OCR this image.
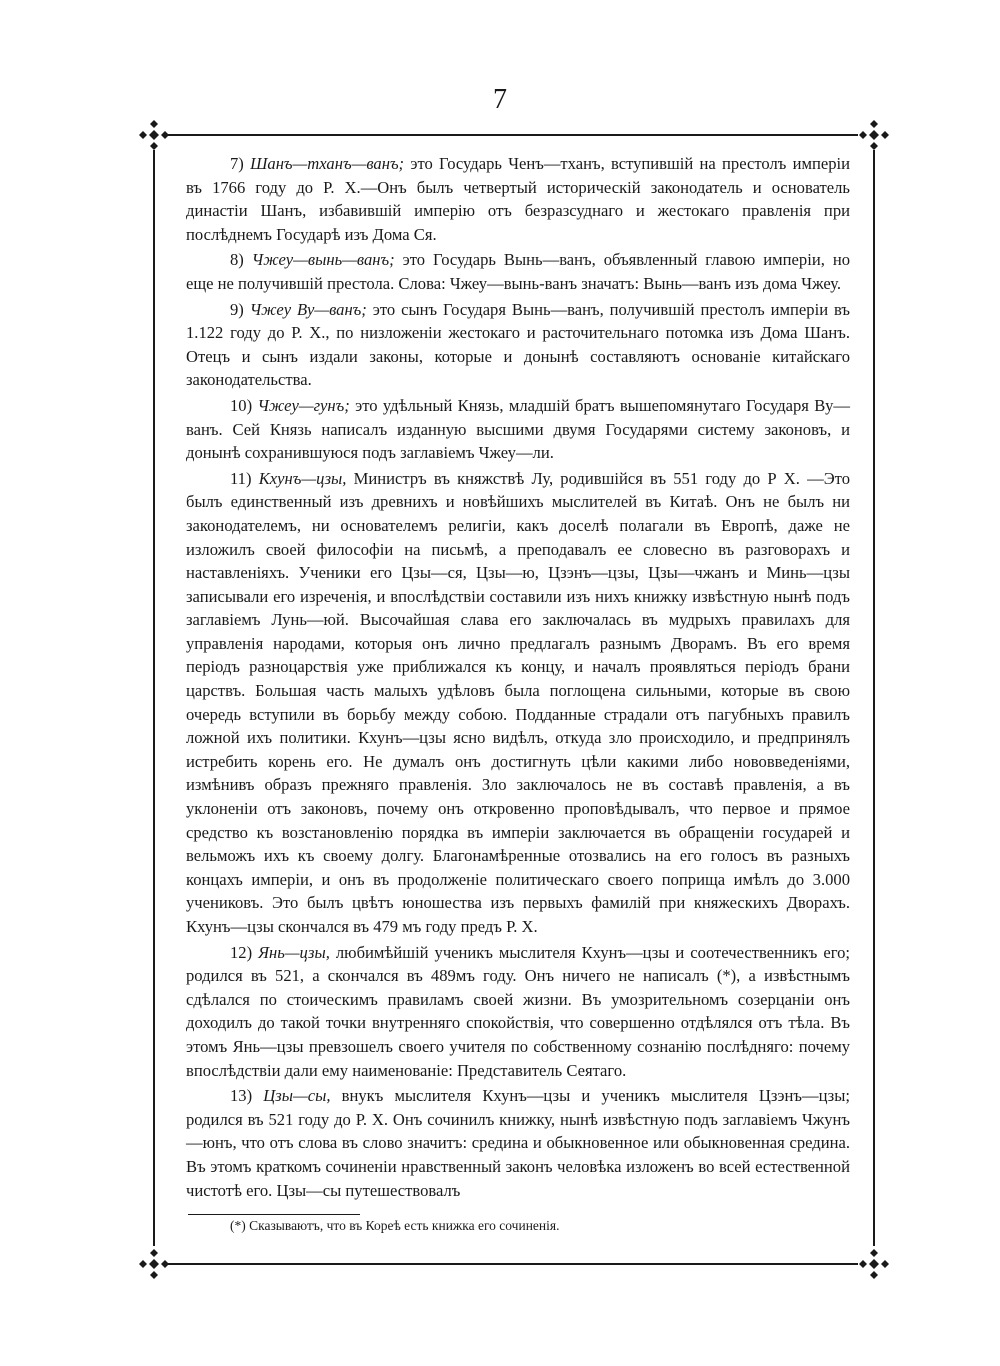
7

7) Шанъ—тханъ—ванъ; это Государь Ченъ—тханъ, вступившій на престолъ имперіи въ 1766 году до Р. Х.—Онъ былъ четвертый историческій законодатель и основатель династіи Шанъ, избавившій имперію отъ безразсуднаго и жестокаго правленія при послѣднемъ Государѣ изъ Дома Ся.

8) Чжеу—вынь—ванъ; это Государь Вынь—ванъ, объявленный главою имперіи, но еще не получившій престола. Слова: Чжеу—вынь-ванъ значатъ: Вынь—ванъ изъ дома Чжеу.

9) Чжеу Ву—ванъ; это сынъ Государя Вынь—ванъ, получившій престолъ имперіи въ 1.122 году до Р. Х., по низложеніи жестокаго и расточительнаго потомка изъ Дома Шанъ. Отецъ и сынъ издали законы, которые и донынѣ составляютъ основаніе китайскаго законодательства.

10) Чжеу—гунъ; это удѣльный Князь, младшій братъ вышепомянутаго Государя Ву—ванъ. Сей Князь написалъ изданную высшими двумя Государями систему законовъ, и донынѣ сохранившуюся подъ заглавіемъ Чжеу—ли.

11) Кхунъ—цзы, Министръ въ княжствѣ Лу, родившійся въ 551 году до Р Х. —Это былъ единственный изъ древнихъ и новѣйшихъ мыслителей въ Китаѣ. Онъ не былъ ни законодателемъ, ни основателемъ религіи, какъ доселѣ полагали въ Европѣ, даже не изложилъ своей философіи на письмѣ, а преподавалъ ее словесно въ разговорахъ и наставленіяхъ. Ученики его Цзы—ся, Цзы—ю, Цзэнъ—цзы, Цзы—чжанъ и Минь—цзы записывали его изреченія, и впослѣдствіи составили изъ нихъ книжку извѣстную нынѣ подъ заглавіемъ Лунь—юй. Высочайшая слава его заключалась въ мудрыхъ правилахъ для управленія народами, которыя онъ лично предлагалъ разнымъ Дворамъ. Въ его время періодъ разноцарствія уже приближался къ концу, и началъ проявляться періодъ брани царствъ. Большая часть малыхъ удѣловъ была поглощена сильными, которые въ свою очередь вступили въ борьбу между собою. Подданные страдали отъ пагубныхъ правилъ ложной ихъ политики. Кхунъ—цзы ясно видѣлъ, откуда зло происходило, и предпринялъ истребить корень его. Не думалъ онъ достигнуть цѣли какими либо нововведеніями, измѣнивъ образъ прежняго правленія. Зло заключалось не въ составѣ правленія, а въ уклоненіи отъ законовъ, почему онъ откровенно проповѣдывалъ, что первое и прямое средство къ возстановленію порядка въ имперіи заключается въ обращеніи государей и вельможъ ихъ къ своему долгу. Благонамѣренные отозвались на его голосъ въ разныхъ концахъ имперіи, и онъ въ продолженіе политическаго своего поприща имѣлъ до 3.000 учениковъ. Это былъ цвѣтъ юношества изъ первыхъ фамилій при княжескихъ Дворахъ. Кхунъ—цзы скончался въ 479 мъ году предъ Р. Х.

12) Янь—цзы, любимѣйшій ученикъ мыслителя Кхунъ—цзы и соотечественникъ его; родился въ 521, а скончался въ 489мъ году. Онъ ничего не написалъ (*), а извѣстнымъ сдѣлался по стоическимъ правиламъ своей жизни. Въ умозрительномъ созерцаніи онъ доходилъ до такой точки внутренняго спокойствія, что совершенно отдѣлялся отъ тѣла. Въ этомъ Янь—цзы превзошелъ своего учителя по собственному сознанію послѣдняго: почему впослѣдствіи дали ему наименованіе: Представитель Сеятаго.

13) Цзы—сы, внукъ мыслителя Кхунъ—цзы и ученикъ мыслителя Цзэнъ—цзы; родился въ 521 году до Р. Х. Онъ сочинилъ книжку, нынѣ извѣстную подъ заглавіемъ Чжунъ—юнъ, что отъ слова въ слово значитъ: средина и обыкновенное или обыкновенная средина. Въ этомъ краткомъ сочиненіи нравственный законъ человѣка изложенъ во всей естественной чистотѣ его. Цзы—сы путешествовалъ

(*) Сказываютъ, что въ Кореѣ есть книжка его сочиненія.
